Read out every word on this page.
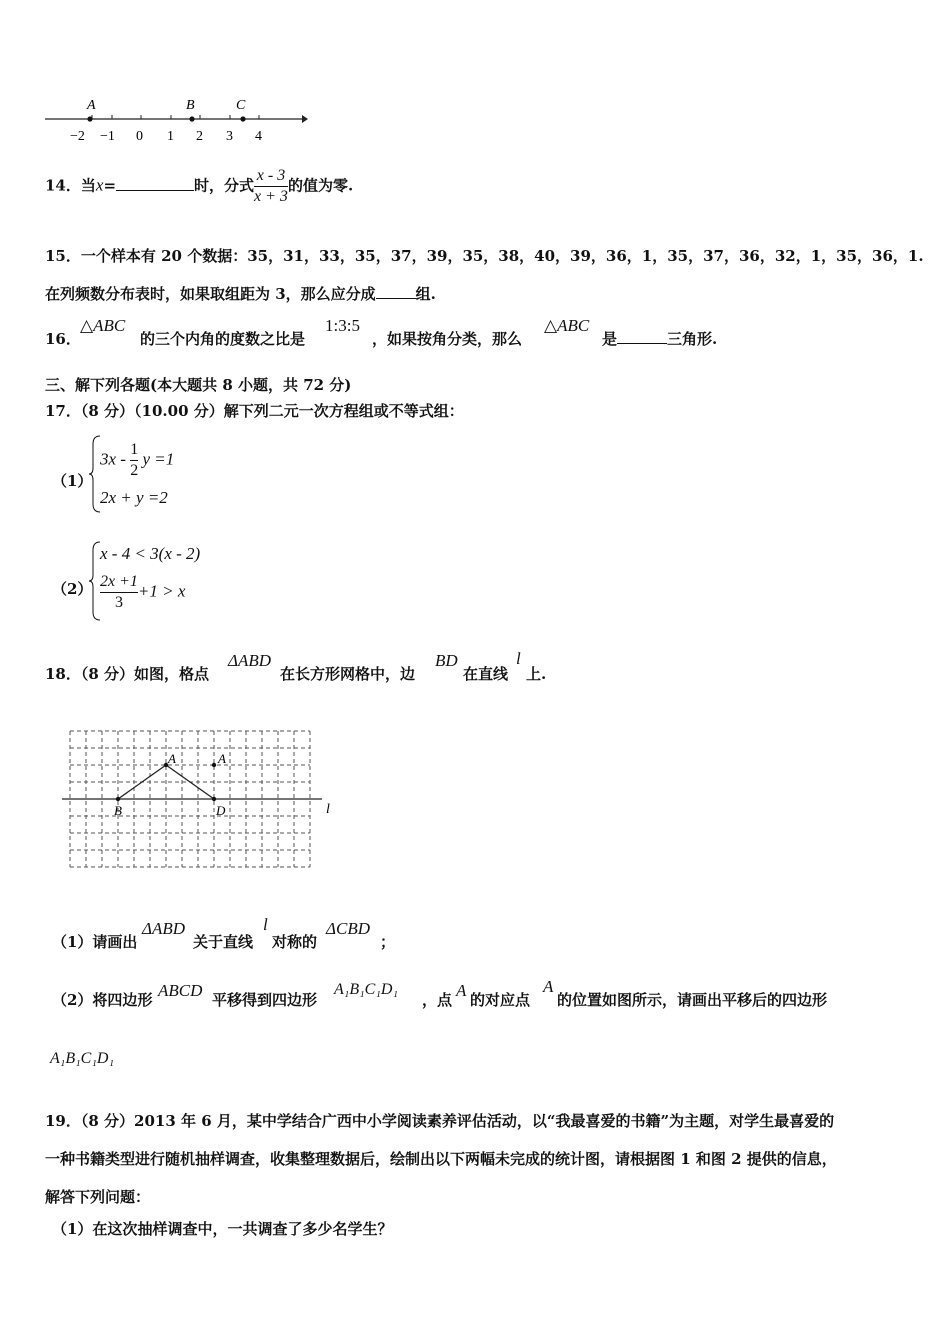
A	B	C
−2 −1 0 1 2 3 4
14．当x=	时，分式 $\frac{x - 3}{x + 3}$ 的值为零.
15．一个样本有 20 个数据：35，31，33，35，37，39，35，38，40，39，36，1，35，37，36，32，1，35，36，1.
在列频数分布表时，如果取组距为 3，那么应分成	组.
16．
△ABC
的三个内角的度数之比是
1:3:5
，如果按角分类，那么
△ABC
是	三角形.
三、解下列各题(本大题共 8 小题，共 72 分)
17．（8 分）（10.00 分）解下列二元一次方程组或不等式组：
（1）
$3x - \frac{1}{2}$ y =1
2x + y =2
（2）
x - 4 < 3(x - 2)
$\frac{2x +1}{3} +1 > x$
18．（8 分）如图，格点
ΔABD
在长方形网格中，边
BD
在直线
l
上.
A	A
B	D	l
（1）请画出
ΔABD
关于直线
l
对称的
ΔCBD
；
（2）将四边形 ABCD 平移得到四边形
A₁B₁C₁D₁
，点 A 的对应点
A
的位置如图所示，请画出平移后的四边形
A₁B₁C₁D₁
19．（8 分）2013 年 6 月，某中学结合广西中小学阅读素养评估活动，以“我最喜爱的书籍”为主题，对学生最喜爱的
一种书籍类型进行随机抽样调查，收集整理数据后，绘制出以下两幅未完成的统计图，请根据图 1 和图 2 提供的信息，
解答下列问题：
（1）在这次抽样调查中，一共调查了多少名学生？
